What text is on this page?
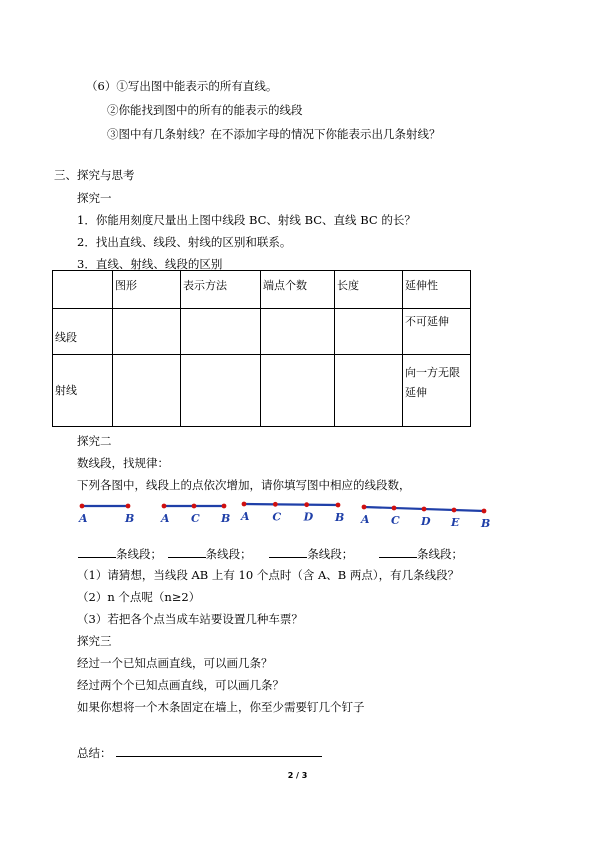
（6）①写出图中能表示的所有直线。
②你能找到图中的所有的能表示的线段
③图中有几条射线？在不添加字母的情况下你能表示出几条射线？
三、探究与思考
探究一
1．你能用刻度尺量出上图中线段 BC、射线 BC、直线 BC 的长？
2．找出直线、线段、射线的区别和联系。
3．直线、射线、线段的区别
	图形	表示方法	端点个数	长度	延伸性
线段					不可延伸
射线					向一方无限
延伸
探究二
数线段，找规律：
下列各图中，线段上的点依次增加，请你填写图中相应的线段数，
A	B A C B A C D B A C D E B
条线段；	条线段；	条线段；	条线段；
（1）请猜想，当线段 AB 上有 10 个点时（含 A、B 两点），有几条线段？
（2）n 个点呢（n≥2）
（3）若把各个点当成车站要设置几种车票？
探究三
经过一个已知点画直线，可以画几条？
经过两个个已知点画直线，可以画几条？
如果你想将一个木条固定在墙上，你至少需要钉几个钉子
总结：
2 / 3
